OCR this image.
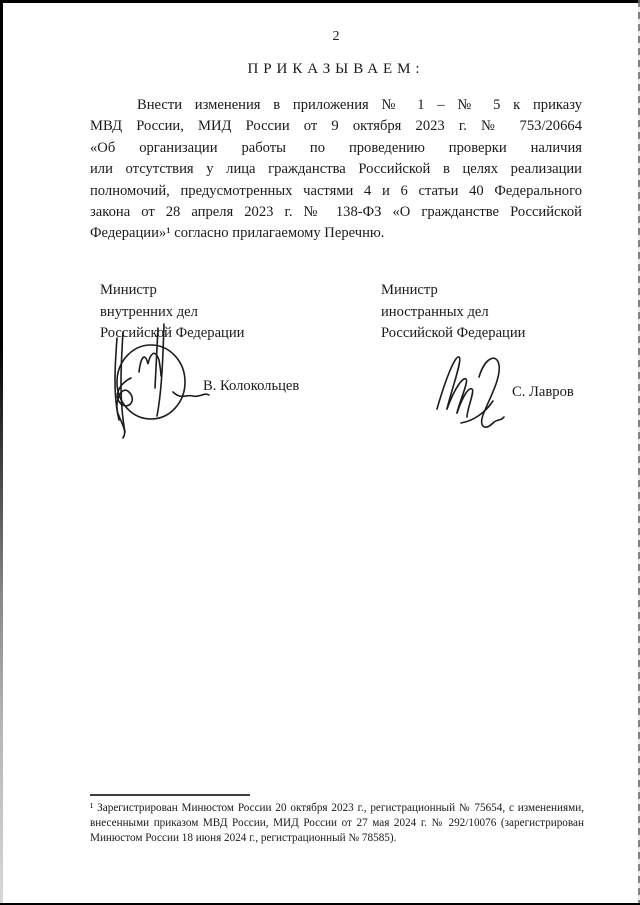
2
ПРИКАЗЫВАЕМ:
Внести изменения в приложения № 1 – № 5 к приказу
МВД России, МИД России от 9 октября 2023 г. № 753/20664
«Об организации работы по проведению проверки наличия
или отсутствия у лица гражданства Российской в целях реализации
полномочий, предусмотренных частями 4 и 6 статьи 40 Федерального
закона от 28 апреля 2023 г. № 138-ФЗ «О гражданстве Российской
Федерации»¹ согласно прилагаемому Перечню.
Министр
внутренних дел
Российской Федерации
Министр
иностранных дел
Российской Федерации
В. Колокольцев	С. Лавров
¹ Зарегистрирован Минюстом России 20 октября 2023 г., регистрационный № 75654, с изменениями,
внесенными приказом МВД России, МИД России от 27 мая 2024 г. № 292/10076 (зарегистрирован
Минюстом России 18 июня 2024 г., регистрационный № 78585).
